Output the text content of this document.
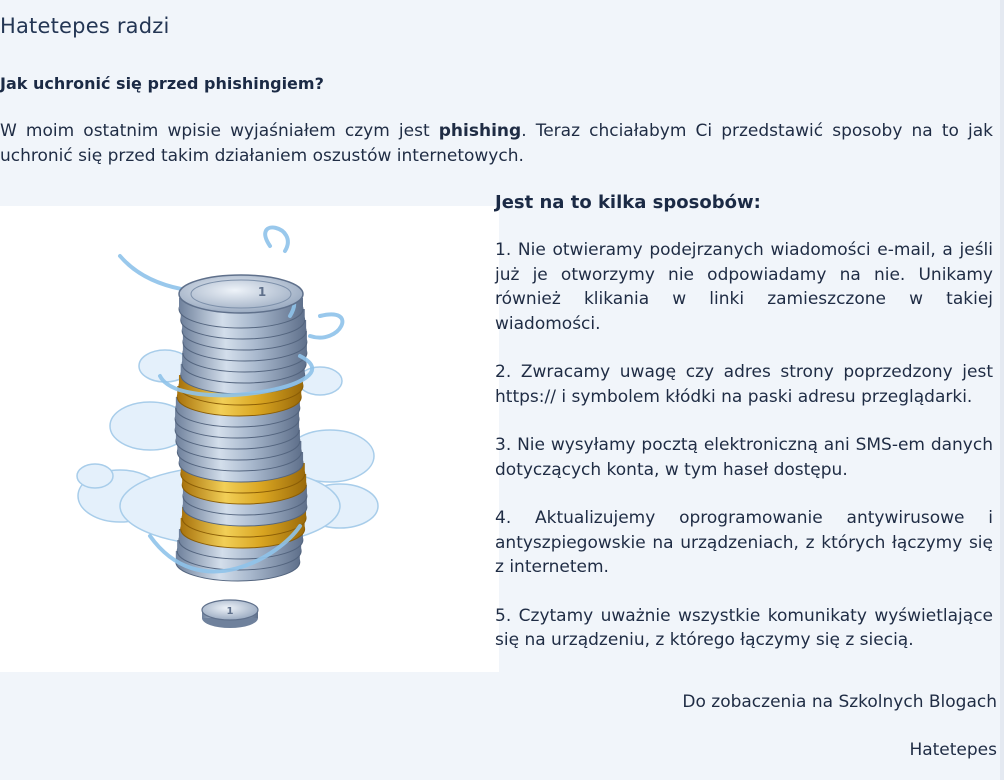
Hatetepes radzi
Jak uchronić się przed phishingiem?
W moim ostatnim wpisie wyjaśniałem czym jest phishing. Teraz chciałabym Ci przedstawić sposoby na to jak uchronić się przed takim działaniem oszustów internetowych.
1
1
Jest na to kilka sposobów:

1. Nie otwieramy podejrzanych wiadomości e-mail, a jeśli już je otworzymy nie odpowiadamy na nie. Unikamy również klikania w linki zamieszczone w takiej wiadomości.

2. Zwracamy uwagę czy adres strony poprzedzony jest https:// i symbolem kłódki na paski adresu przeglądarki.

3. Nie wysyłamy pocztą elektroniczną ani SMS-em danych dotyczących konta, w tym haseł dostępu.

4. Aktualizujemy oprogramowanie antywirusowe i antyszpiegowskie na urządzeniach, z których łączymy się z internetem.

5. Czytamy uważnie wszystkie komunikaty wyświetlające się na urządzeniu, z którego łączymy się z siecią.

Do zobaczenia na Szkolnych Blogach
Hatetepes
